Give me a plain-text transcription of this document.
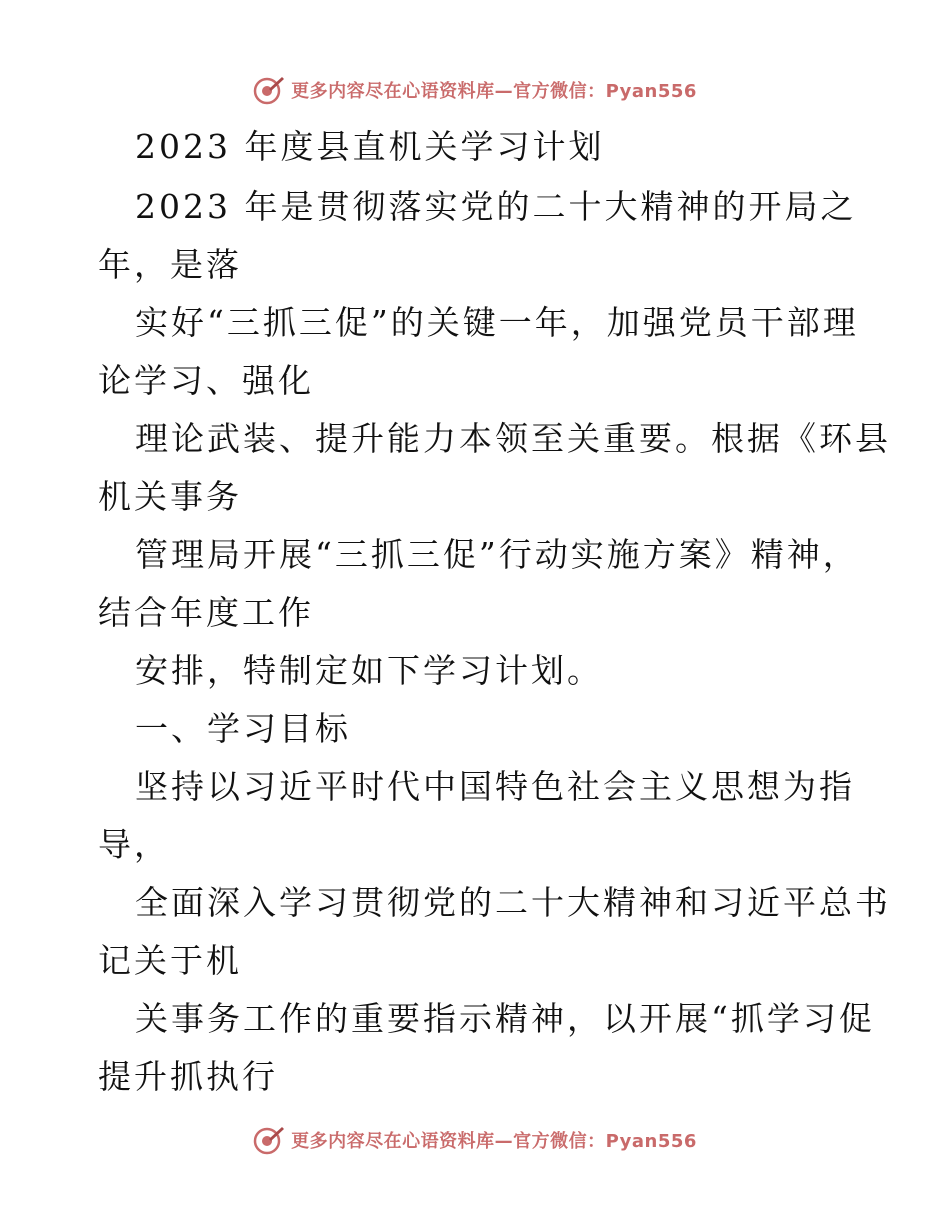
更多内容尽在心语资料库—官方微信：Pyan556
2023 年度县直机关学习计划
2023 年是贯彻落实党的二十大精神的开局之
年，是落
实好“三抓三促”的关键一年，加强党员干部理
论学习、强化
理论武装、提升能力本领至关重要。根据《环县
机关事务
管理局开展“三抓三促”行动实施方案》精神，
结合年度工作
安排，特制定如下学习计划。
一、学习目标
坚持以习近平时代中国特色社会主义思想为指
导，
全面深入学习贯彻党的二十大精神和习近平总书
记关于机
关事务工作的重要指示精神，以开展“抓学习促
提升抓执行
更多内容尽在心语资料库—官方微信：Pyan556
